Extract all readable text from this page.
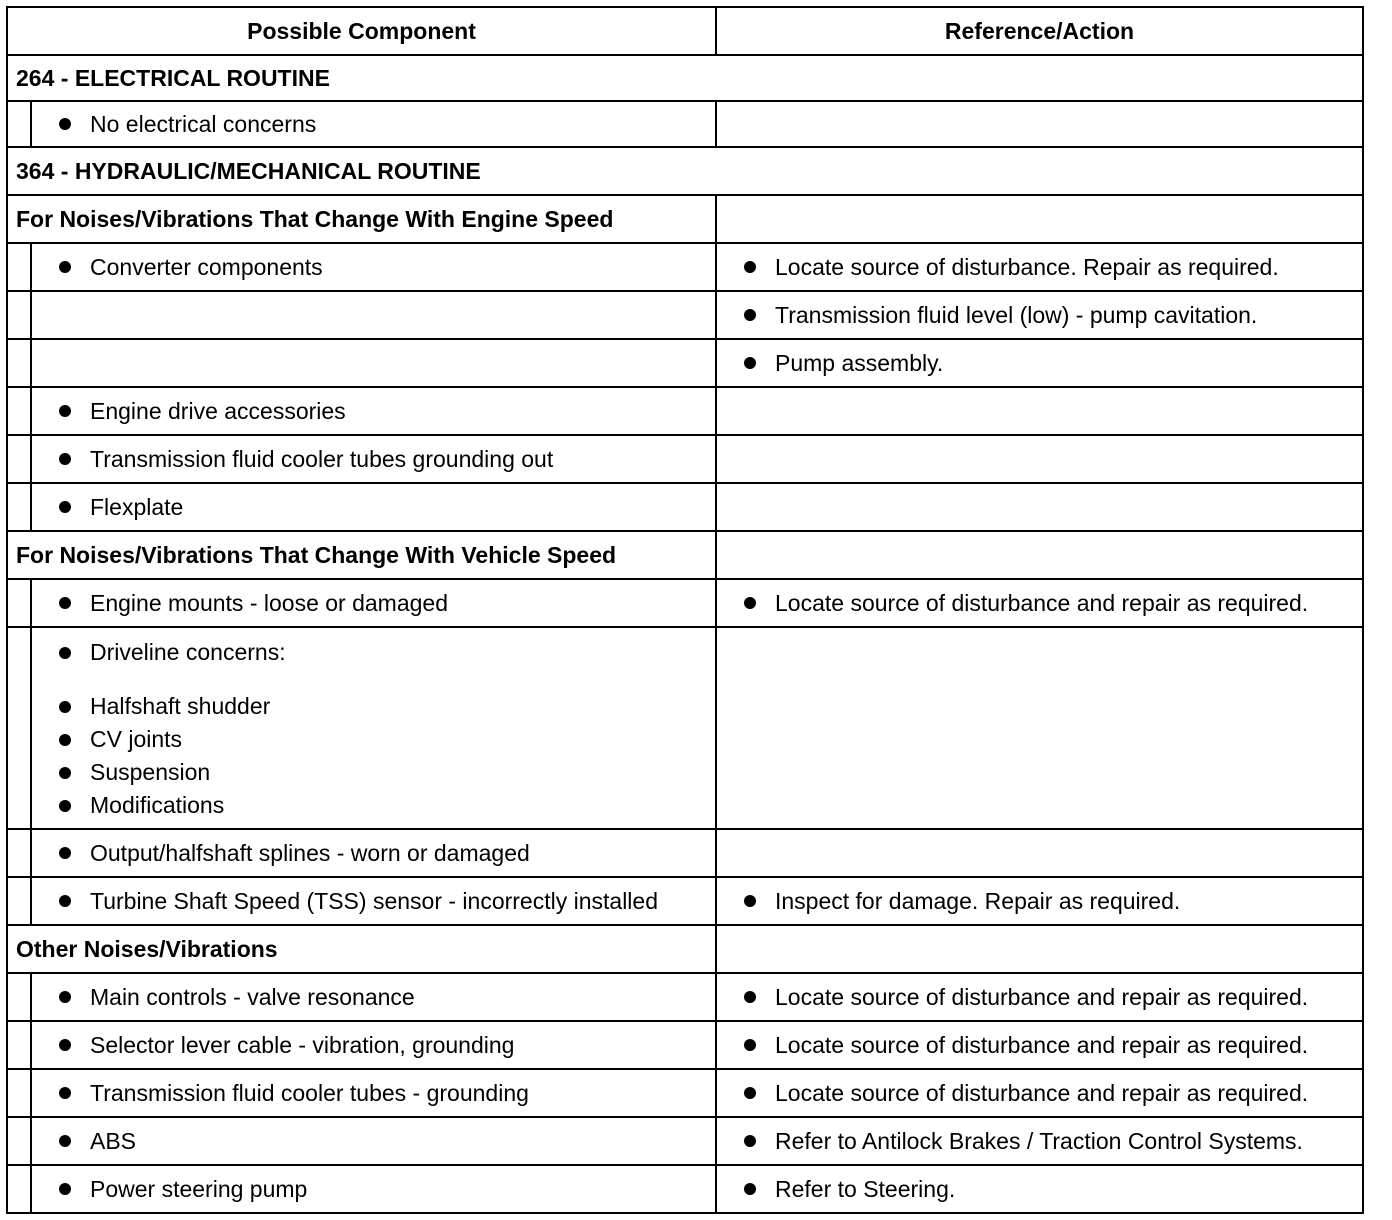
Possible Component		Reference/Action
264 - ELECTRICAL ROUTINE		

	No electrical concerns	

364 - HYDRAULIC/MECHANICAL ROUTINE		
For Noises/Vibrations That Change With Engine Speed		

	Converter components	Locate source of disturbance. Repair as required.

		Transmission fluid level (low) - pump cavitation.

		Pump assembly.

	Engine drive accessories	

	Transmission fluid cooler tubes grounding out	

	Flexplate	

For Noises/Vibrations That Change With Vehicle Speed		

	Engine mounts - loose or damaged	Locate source of disturbance and repair as required.

	Driveline concerns:
Halfshaft shudder
CV joints
Suspension
Modifications	

	Output/halfshaft splines - worn or damaged	

	Turbine Shaft Speed (TSS) sensor - incorrectly installed	Inspect for damage. Repair as required.

Other Noises/Vibrations		

	Main controls - valve resonance	Locate source of disturbance and repair as required.

	Selector lever cable - vibration, grounding	Locate source of disturbance and repair as required.

	Transmission fluid cooler tubes - grounding	Locate source of disturbance and repair as required.

	ABS	Refer to Antilock Brakes / Traction Control Systems.

	Power steering pump	Refer to Steering.
